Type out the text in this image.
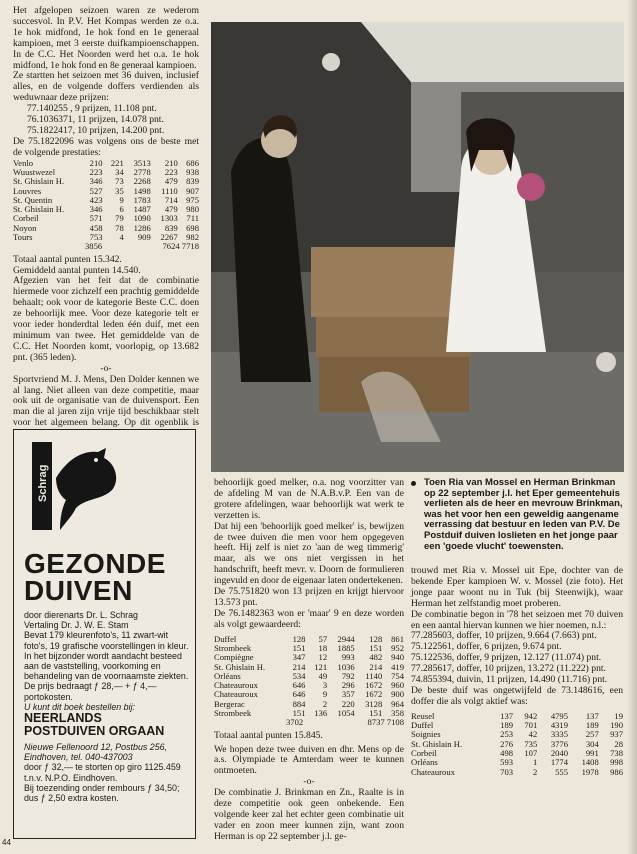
Het afgelopen seizoen waren ze wederom succesvol. In P.V. Het Kompas werden ze o.a. 1e hok midfond, 1e hok fond en 1e generaal kampioen, met 3 eerste duifkampioenschappen. In de C.C. Het Noorden werd het o.a. 1e hok midfond, 1e hok fond en 8e generaal kampioen.

Ze startten het seizoen met 36 duiven, inclusief alles, en de volgende doffers verdienden als weduwnaar deze prijzen:

77.140255 , 9 prijzen, 11.108 pnt.

76.1036371, 11 prijzen, 14.078 pnt.

75.1822417, 10 prijzen, 14.200 pnt.

De 75.1822096 was volgens ons de beste met de volgende prestaties:

Venlo	210	221	3513	210	686
Wuustwezel	223	34	2778	223	938
St. Ghislain H.	346	73	2268	479	839
Louvres	527	35	1498	1110	907
St. Quentin	423	9	1783	714	975
St. Ghislain H.	346	6	1487	479	980
Corbeil	571	79	1090	1303	711
Noyon	458	78	1286	839	698
Tours	753	4	909	2267	982
3856	7624 7718

Totaal aantal punten 15.342.

Gemiddeld aantal punten 14.540.

Afgezien van het feit dat de combinatie hiermede voor zichzelf een prachtig gemiddelde behaalt; ook voor de kategorie Beste C.C. doen ze behoorlijk mee. Voor deze kategorie telt er voor ieder honderdtal leden één duif, met een minimum van twee. Het gemiddelde van de C.C. Het Noorden komt, voorlopig, op 13.682 pnt. (365 leden).

-o-

Sportvriend M. J. Mens, Den Dolder kennen we al lang. Niet alleen van deze competitie, maar ook uit de organisatie van de duivensport. Een man die al jaren zijn vrije tijd beschikbaar stelt voor het algemeen belang. Op dit ogenblik is

Schrag
GEZONDE
DUIVEN

door dierenarts Dr. L. Schrag

Vertaling Dr. J. W. E. Stam

Bevat 179 kleurenfoto's, 11 zwart-wit foto's, 19 grafische voorstellingen in kleur.

In het bijzonder wordt aandacht besteed aan de vaststelling, voorkoming en behandeling van de voornaamste ziekten.

De prijs bedraagt ƒ 28,— + ƒ 4,— portokosten.

U kunt dit boek bestellen bij:

NEERLANDS

POSTDUIVEN ORGAAN

Nieuwe Fellenoord 12, Postbus 256,

Eindhoven, tel. 040-437003

door ƒ 32,— te storten op giro 1125.459 t.n.v. N.P.O. Eindhoven.

Bij toezending onder rembours ƒ 34,50; dus ƒ 2,50 extra kosten.

behoorlijk goed melker, o.a. nog voorzitter van de afdeling M van de N.A.B.v.P. Een van de grotere afdelingen, waar behoorlijk wat werk te verzetten is.

Dat hij een 'behoorlijk goed melker' is, bewijzen de twee duiven die men voor hem opgegeven heeft. Hij zelf is niet zo 'aan de weg timmerig' maar, als we ons niet vergissen in het handschrift, heeft mevr. v. Doorn de formulieren ingevuld en door de eigenaar laten ondertekenen.

De 75.751820 won 13 prijzen en krijgt hiervoor 13.573 pnt.

De 76.1482363 won er 'maar' 9 en deze worden als volgt gewaardeerd:

Duffel	128	57	2944	128	861
Strombeek	151	18	1885	151	952
Compiègne	347	12	993	482	940
St. Ghislain H.	214	121	1036	214	419
Orléans	534	49	792	1140	754
Chateauroux	646	3	296	1672	960
Chateauroux	646	9	357	1672	900
Bergerac	884	2	220	3128	964
Strombeek	151	136	1054	151	358
3702	8737 7108

Totaal aantal punten 15.845.

We hopen deze twee duiven en dhr. Mens op de a.s. Olympiade te Amterdam weer te kunnen ontmoeten.

-o-

De combinatie J. Brinkman en Zn., Raalte is in deze competitie ook geen onbekende. Een volgende keer zal het echter geen combinatie uit vader en zoon meer kunnen zijn, want zoon Herman is op 22 september j.l. ge-

Toen Ria van Mossel en Herman Brinkman op 22 september j.l. het Eper gemeentehuis verlieten als de heer en mevrouw Brinkman, was het voor hen een geweldig aangename verrassing dat bestuur en leden van P.V. De Postduif duiven loslieten en het jonge paar een 'goede vlucht' toewensten.

trouwd met Ria v. Mossel uit Epe, dochter van de bekende Eper kampioen W. v. Mossel (zie foto). Het jonge paar woont nu in Tuk (bij Steenwijk), waar Herman het zelfstandig moet proberen.

De combinatie begon in '78 het seizoen met 70 duiven en een aantal hiervan kunnen we hier noemen, n.l.:

77.285603, doffer, 10 prijzen, 9.664 (7.663) pnt.

75.122561, doffer, 6 prijzen, 9.674 pnt.

75.122536, doffer, 9 prijzen, 12.127 (11.074) pnt.

77.285617, doffer, 10 prijzen, 13.272 (11.222) pnt.

74.855394, duivin, 11 prijzen, 14.490 (11.716) pnt.

De beste duif was ongetwijfeld de 73.148616, een doffer die als volgt aktief was:

Reusel	137	942	4795	137	19
Duffel	189	701	4319	189	190
Soignies	253	42	3335	257	937
St. Ghislain H.	276	735	3776	304	28
Corbeil	498	107	2040	991	738
Orléans	593	1	1774	1408	998
Chateauroux	703	2	555	1978	986
44
